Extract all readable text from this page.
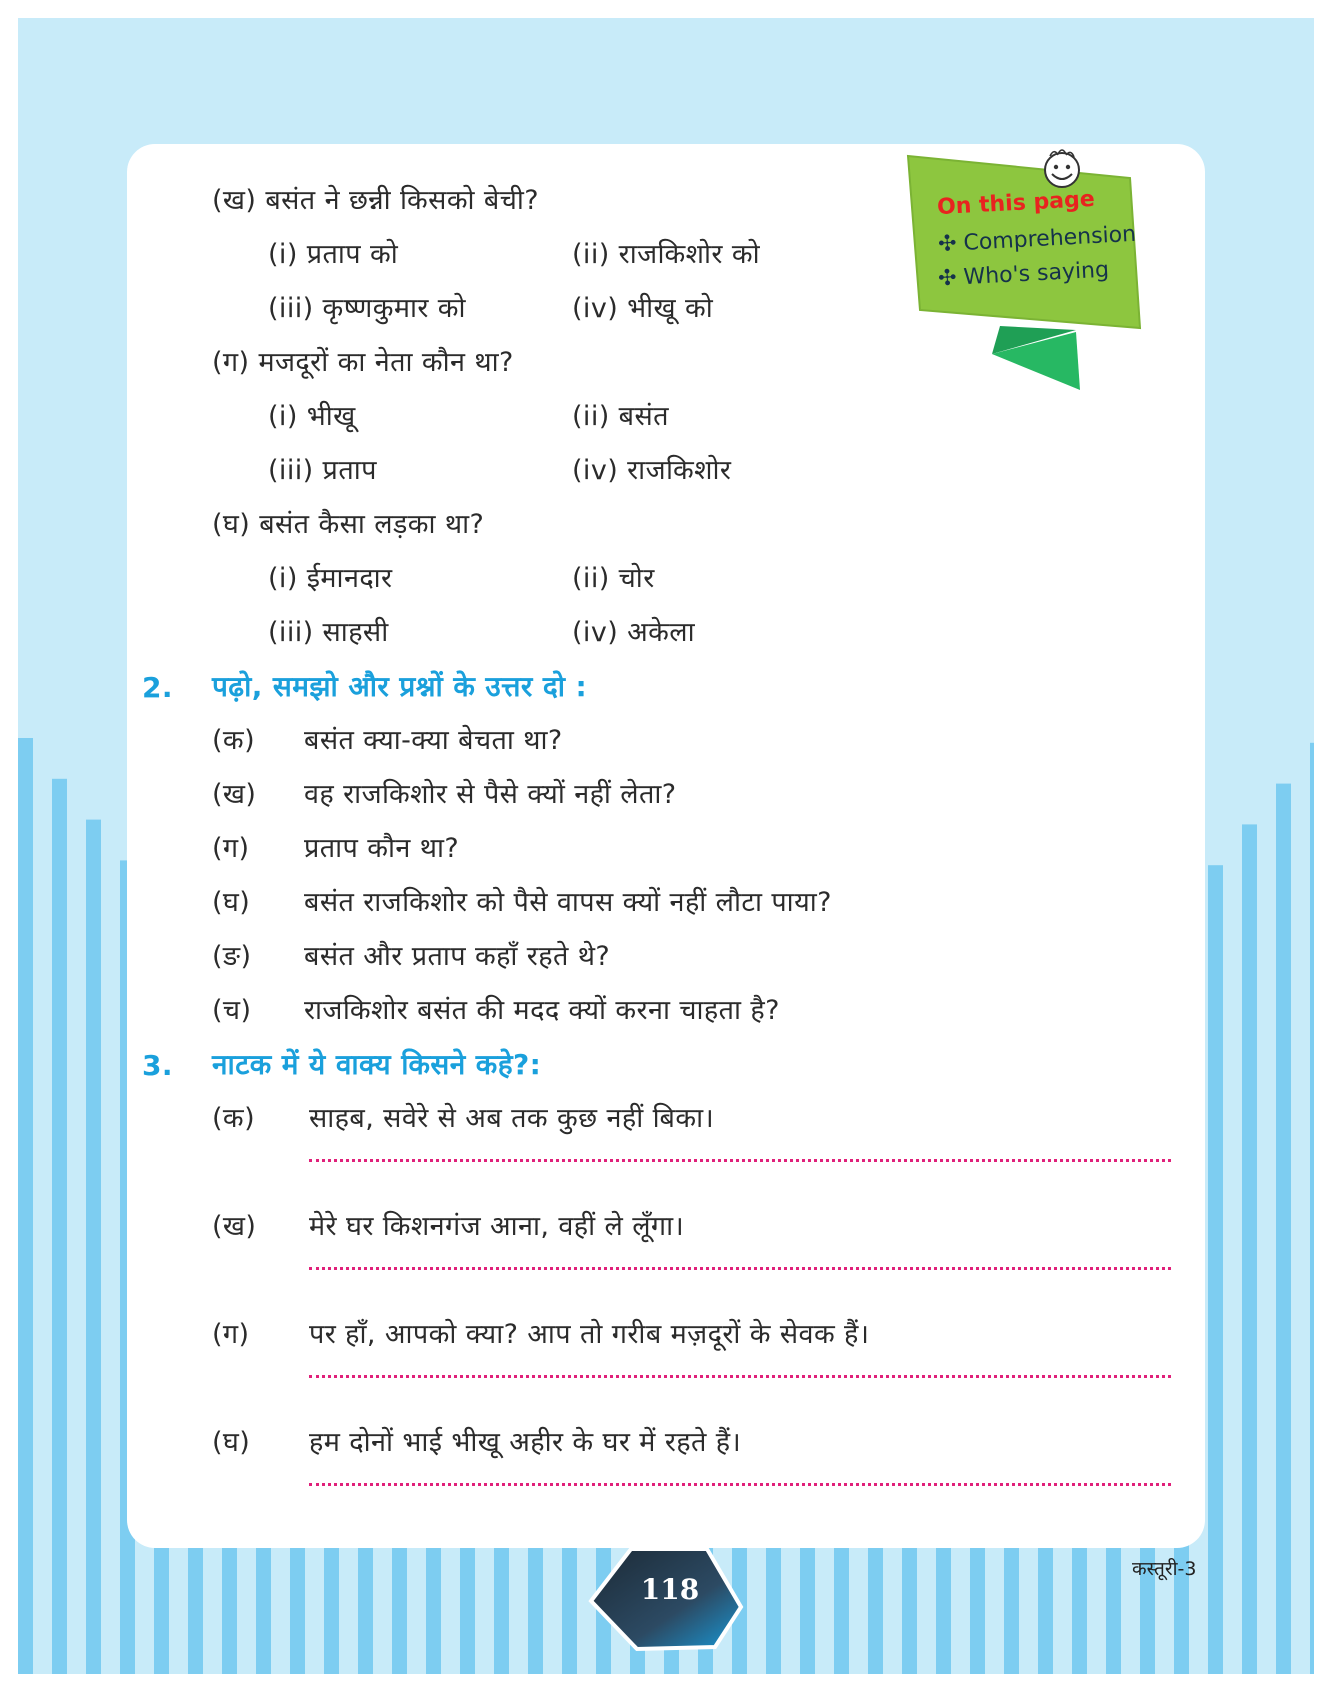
(ख) बसंत ने छन्नी किसको बेची?

(i) प्रताप को	(ii) राजकिशोर को

(iii) कृष्णकुमार को	(iv) भीखू को

(ग) मजदूरों का नेता कौन था?

(i) भीखू	(ii) बसंत

(iii) प्रताप	(iv) राजकिशोर

(घ) बसंत कैसा लड़का था?

(i) ईमानदार	(ii) चोर

(iii) साहसी	(iv) अकेला

2. पढ़ो, समझो और प्रश्नों के उत्तर दो :

(क) बसंत क्या-क्या बेचता था?

(ख) वह राजकिशोर से पैसे क्यों नहीं लेता?

(ग) प्रताप कौन था?

(घ) बसंत राजकिशोर को पैसे वापस क्यों नहीं लौटा पाया?

(ङ) बसंत और प्रताप कहाँ रहते थे?

(च) राजकिशोर बसंत की मदद क्यों करना चाहता है?

3. नाटक में ये वाक्य किसने कहे?:

(क) साहब, सवेरे से अब तक कुछ नहीं बिका।

(ख) मेरे घर किशनगंज आना, वहीं ले लूँगा।

(ग) पर हाँ, आपको क्या? आप तो गरीब मज़दूरों के सेवक हैं।

(घ) हम दोनों भाई भीखू अहीर के घर में रहते हैं।

On this page
✣ Comprehension
✣ Who's saying
118
कस्तूरी-3
